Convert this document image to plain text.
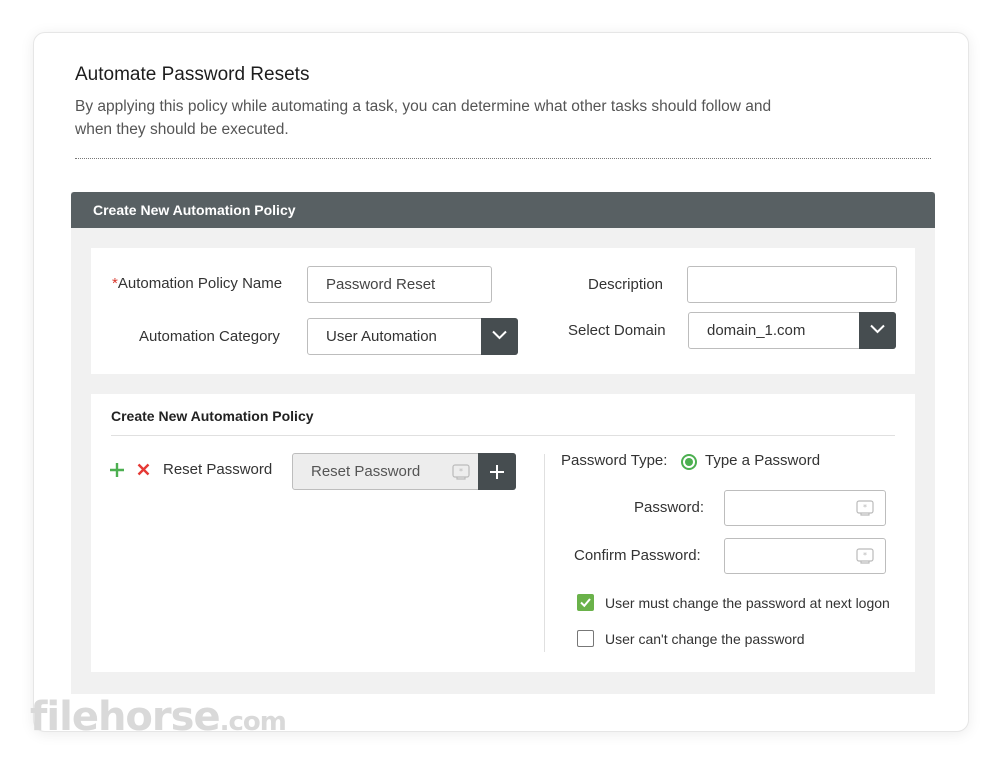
Automate Password Resets
By applying this policy while automating a task, you can determine what other tasks should follow and when they should be executed.
Create New Automation Policy
*Automation Policy Name	Password Reset
Automation Category	User Automation
Description
Select Domain	domain_1.com
Create New Automation Policy
Reset Password	Reset Password	*
Password Type:	Type a Password
Password:	*
Confirm Password:	*
User must change the password at next logon
User can't change the password
filehorse.com
